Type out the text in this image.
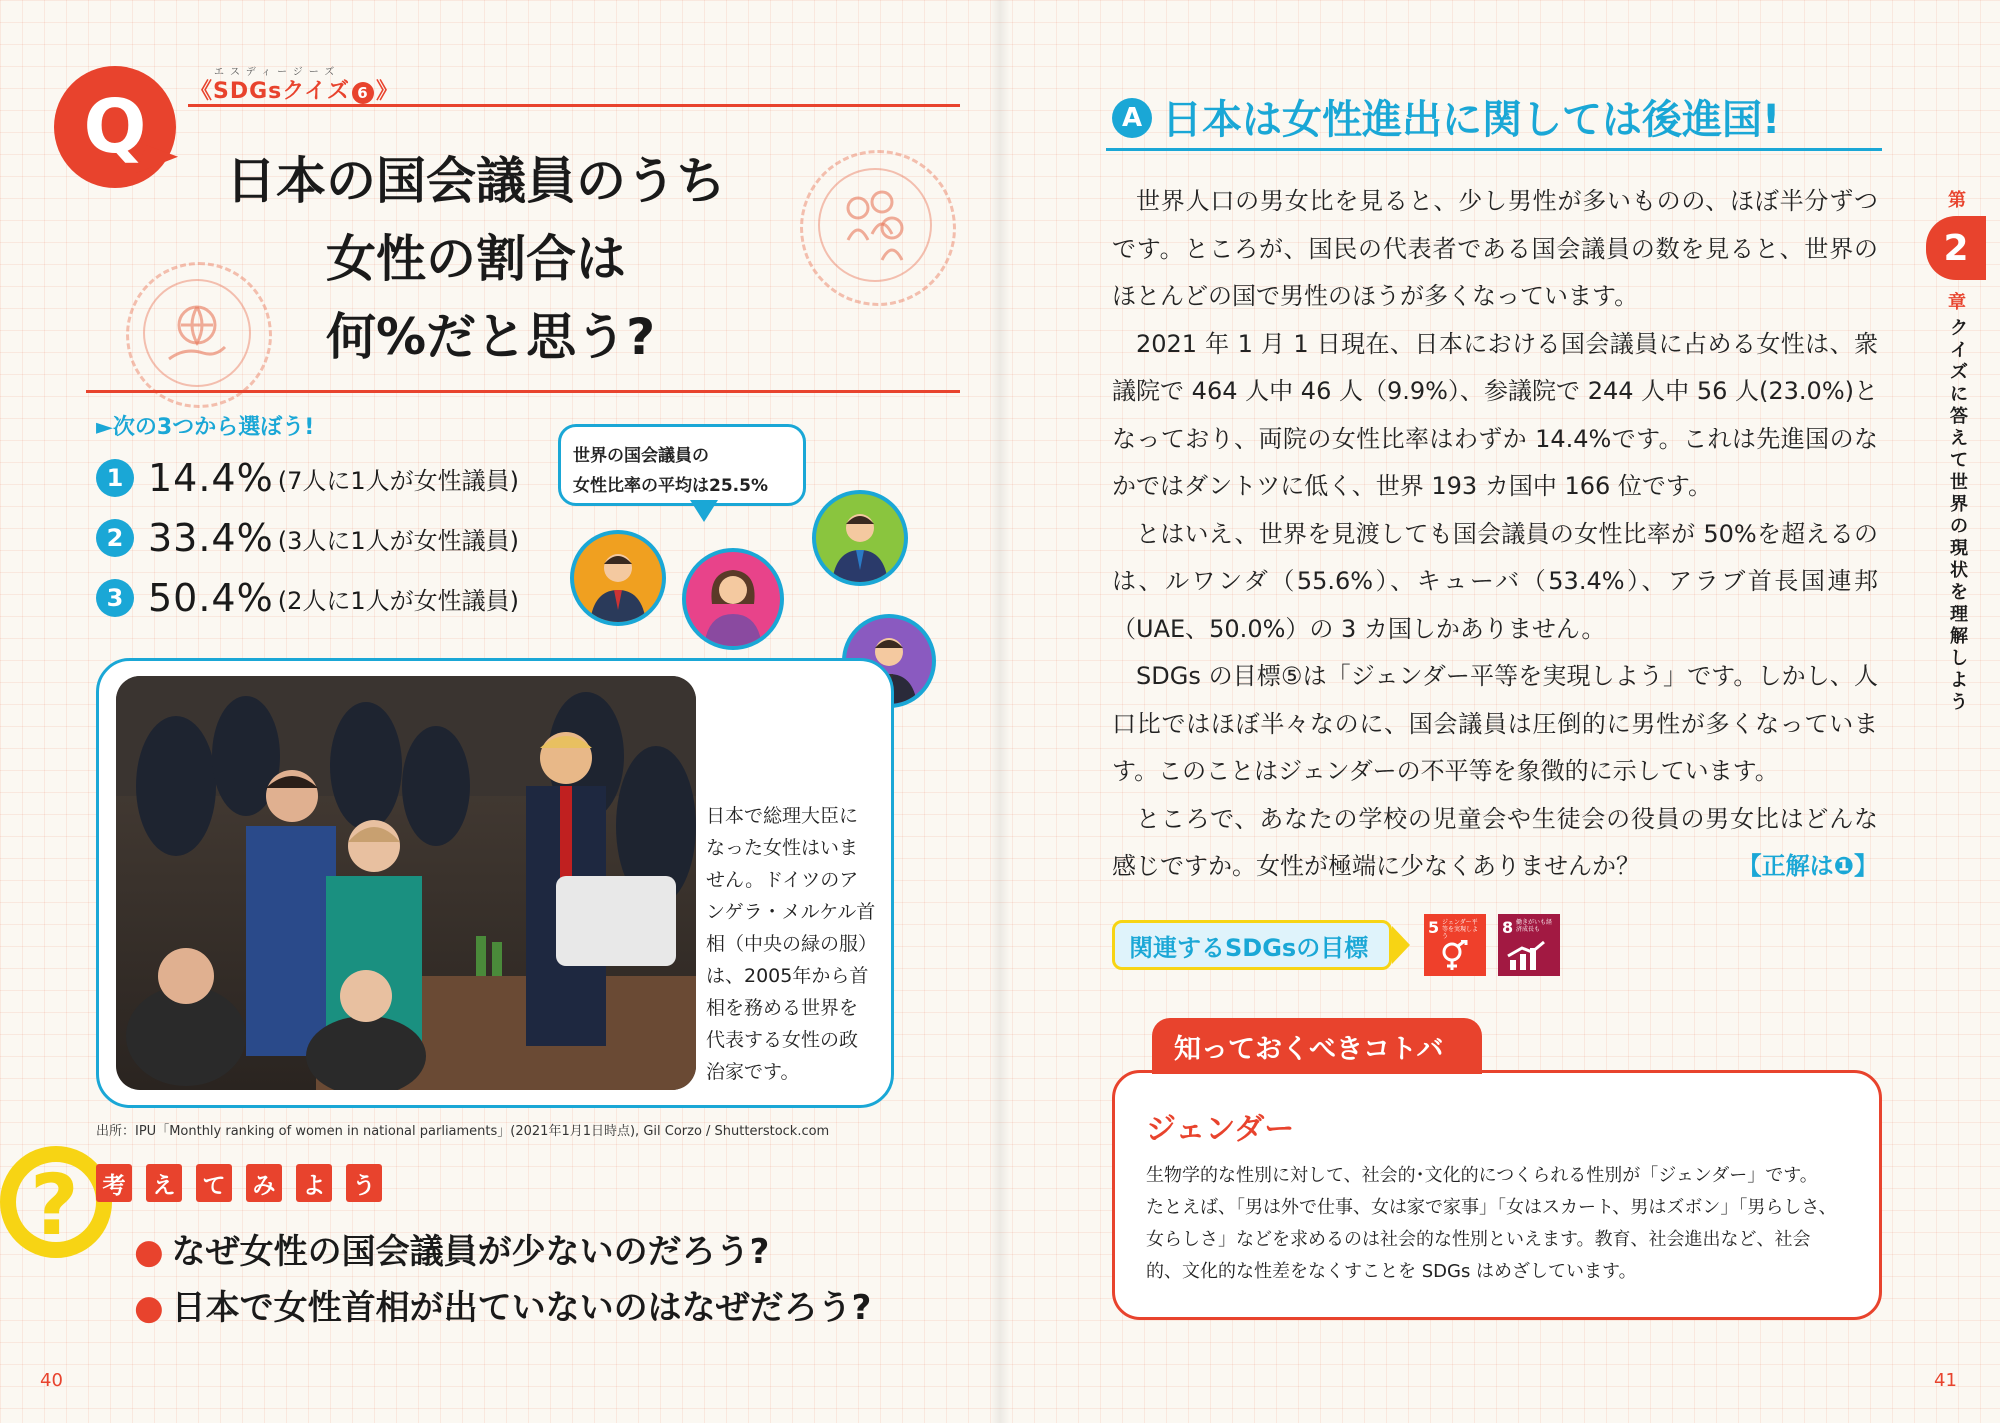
Q
エスディージーズ
《SDGsクイズ 6 》
日本の国会議員のうち
女性の割合は
何%だと思う?
►次の3つから選ぼう!
1 14.4% (7人に1人が女性議員)
2 33.4% (3人に1人が女性議員)
3 50.4% (2人に1人が女性議員)
世界の国会議員の
女性比率の平均は25.5%
日本で総理大臣になった女性はいません。ドイツのアンゲラ・メルケル首相（中央の緑の服）は、2005年から首相を務める世界を代表する女性の政治家です。
出所：IPU「Monthly ranking of women in national parliaments」(2021年1月1日時点), Gil Corzo / Shutterstock.com
? 考 え て み よ う
● なぜ女性の国会議員が少ないのだろう?
● 日本で女性首相が出ていないのはなぜだろう?
40
A 日本は女性進出に関しては後進国!

世界人口の男女比を見ると、少し男性が多いものの、ほぼ半分ずつです。ところが、国民の代表者である国会議員の数を見ると、世界のほとんどの国で男性のほうが多くなっています。

2021 年 1 月 1 日現在、日本における国会議員に占める女性は、衆議院で 464 人中 46 人（9.9%）、参議院で 244 人中 56 人(23.0%)となっており、両院の女性比率はわずか 14.4%です。これは先進国のなかではダントツに低く、世界 193 カ国中 166 位です。

とはいえ、世界を見渡しても国会議員の女性比率が 50%を超えるのは、ルワンダ（55.6%）、キューバ（53.4%）、アラブ首長国連邦（UAE、50.0%）の 3 カ国しかありません。

SDGs の目標⑤は「ジェンダー平等を実現しよう」です。しかし、人口比ではほぼ半々なのに、国会議員は圧倒的に男性が多くなっています。このことはジェンダーの不平等を象徴的に示しています。

ところで、あなたの学校の児童会や生徒会の役員の男女比はどんな感じですか。女性が極端に少なくありませんか？	【正解は❶】

関連するSDGsの目標
5 ジェンダー平等を実現しよう	8 働きがいも経済成長も
知っておくべきコトバ
ジェンダー
生物学的な性別に対して、社会的･文化的につくられる性別が「ジェンダー」です。
たとえば、「男は外で仕事、女は家で家事」「女はスカート、男はズボン」「男らしさ、女らしさ」などを求めるのは社会的な性別といえます。教育、社会進出など、社会的、文化的な性差をなくすことを SDGs はめざしています。
第
2
章
クイズに答えて世界の現状を理解しよう
41
